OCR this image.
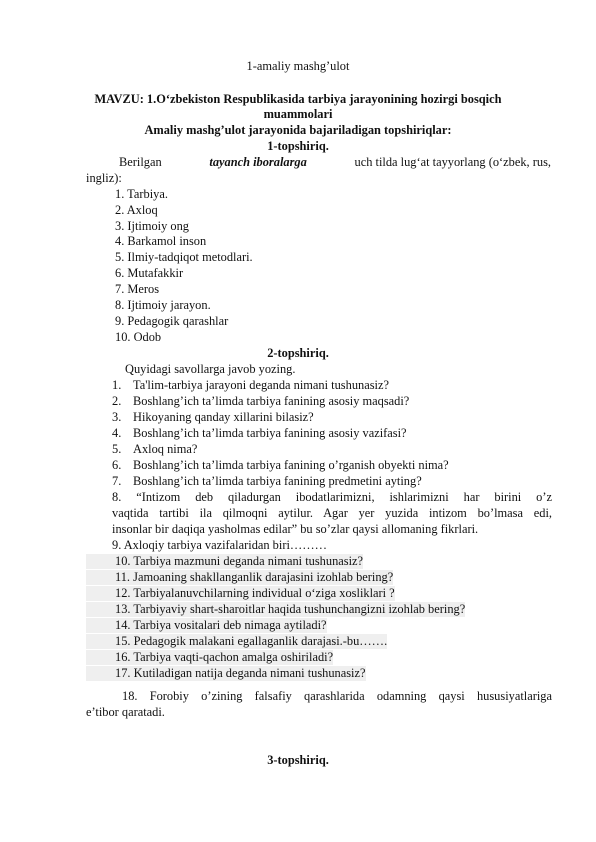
1-amaliy mashg’ulot
MAVZU: 1.O‘zbekiston Respublikasida tarbiya jarayonining hozirgi bosqich
muammolari
Amaliy mashg’ulot jarayonida bajariladigan topshiriqlar:
1-topshiriq.
Berilgan	tayanch iboralarga	uch tilda lug‘at tayyorlang (o‘zbek, rus,
ingliz):
1. Tarbiya.
2. Axloq
3. Ijtimoiy ong
4. Barkamol inson
5. Ilmiy-tadqiqot metodlari.
6. Mutafakkir
7. Meros
8. Ijtimoiy jarayon.
9. Pedagogik qarashlar
10. Odob
2-topshiriq.
Quyidagi savollarga javob yozing.
1. Ta'lim-tarbiya jarayoni deganda nimani tushunasiz?
2. Boshlang’ich ta’limda tarbiya fanining asosiy maqsadi?
3. Hikoyaning qanday xillarini bilasiz?
4. Boshlang’ich ta’limda tarbiya fanining asosiy vazifasi?
5. Axloq nima?
6. Boshlang’ich ta’limda tarbiya fanining o’rganish obyekti nima?
7. Boshlang’ich ta’limda tarbiya fanining predmetini ayting?
8. “Intizom deb qiladurgan ibodatlarimizni, ishlarimizni har birini o’z
vaqtida tartibi ila qilmoqni aytilur. Agar yer yuzida intizom bo’lmasa edi,
insonlar bir daqiqa yasholmas edilar” bu so’zlar qaysi allomaning fikrlari.
9. Axloqiy tarbiya vazifalaridan biri………
10. Tarbiya mazmuni deganda nimani tushunasiz?
11. Jamoaning shakllanganlik darajasini izohlab bering?
12. Tarbiyalanuvchilarning individual o‘ziga xosliklari ?
13. Tarbiyaviy shart-sharoitlar haqida tushunchangizni izohlab bering?
14. Tarbiya vositalari deb nimaga aytiladi?
15. Pedagogik malakani egallaganlik darajasi.-bu…….
16. Tarbiya vaqti-qachon amalga oshiriladi?
17. Kutiladigan natija deganda nimani tushunasiz?
18. Forobiy o’zining falsafiy qarashlarida odamning qaysi hususiyatlariga
e’tibor qaratadi.
3-topshiriq.
